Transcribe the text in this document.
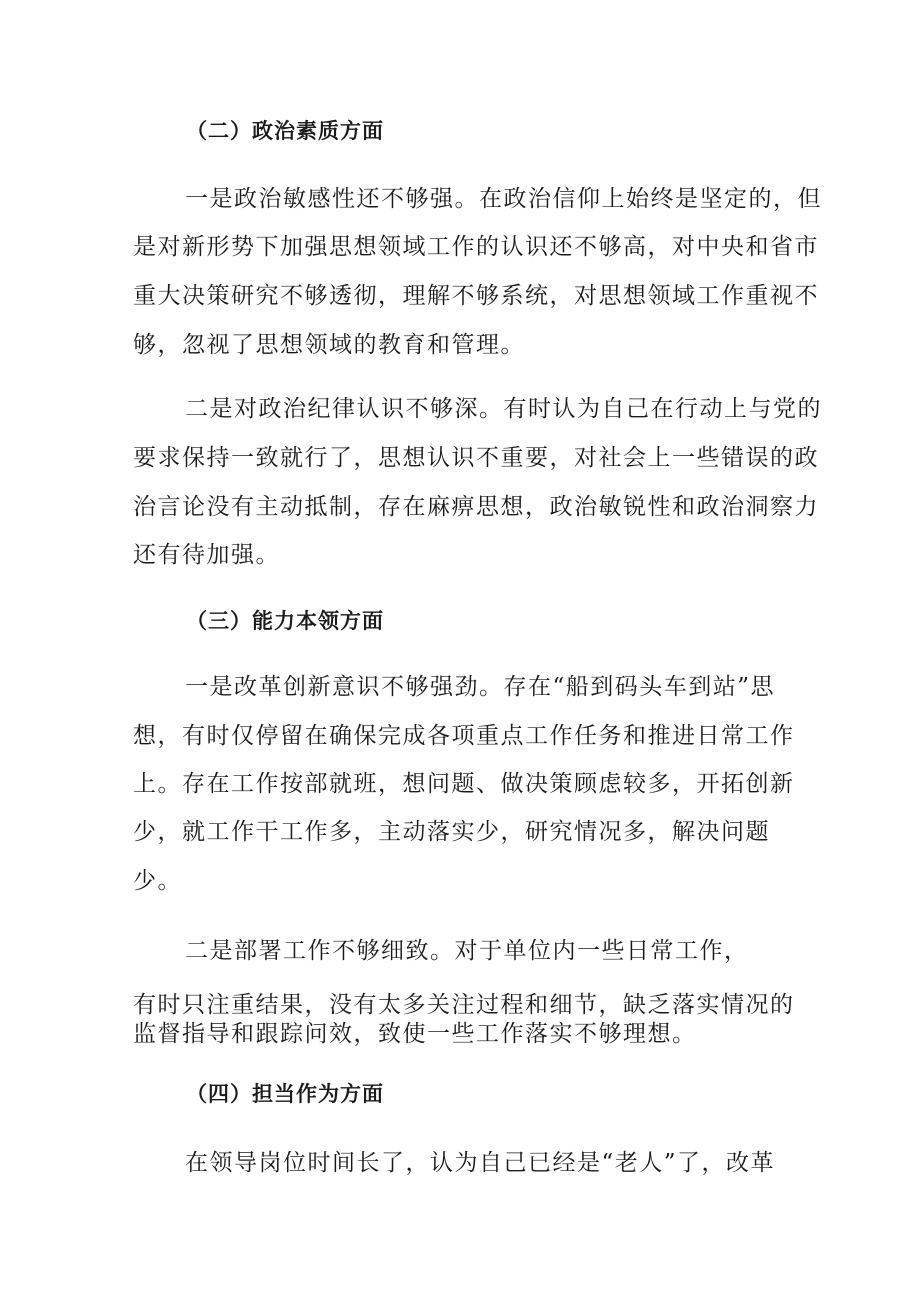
（二）政治素质方面
一是政治敏感性还不够强。在政治信仰上始终是坚定的，但
是对新形势下加强思想领域工作的认识还不够高，对中央和省市
重大决策研究不够透彻，理解不够系统，对思想领域工作重视不
够，忽视了思想领域的教育和管理。
二是对政治纪律认识不够深。有时认为自己在行动上与党的
要求保持一致就行了，思想认识不重要，对社会上一些错误的政
治言论没有主动抵制，存在麻痹思想，政治敏锐性和政治洞察力
还有待加强。
（三）能力本领方面
一是改革创新意识不够强劲。存在“船到码头车到站”思
想，有时仅停留在确保完成各项重点工作任务和推进日常工作
上。存在工作按部就班，想问题、做决策顾虑较多，开拓创新
少，就工作干工作多，主动落实少，研究情况多，解决问题
少。
二是部署工作不够细致。对于单位内一些日常工作，
有时只注重结果，没有太多关注过程和细节，缺乏落实情况的
监督指导和跟踪问效，致使一些工作落实不够理想。
（四）担当作为方面
在领导岗位时间长了，认为自己已经是“老人”了，改革
